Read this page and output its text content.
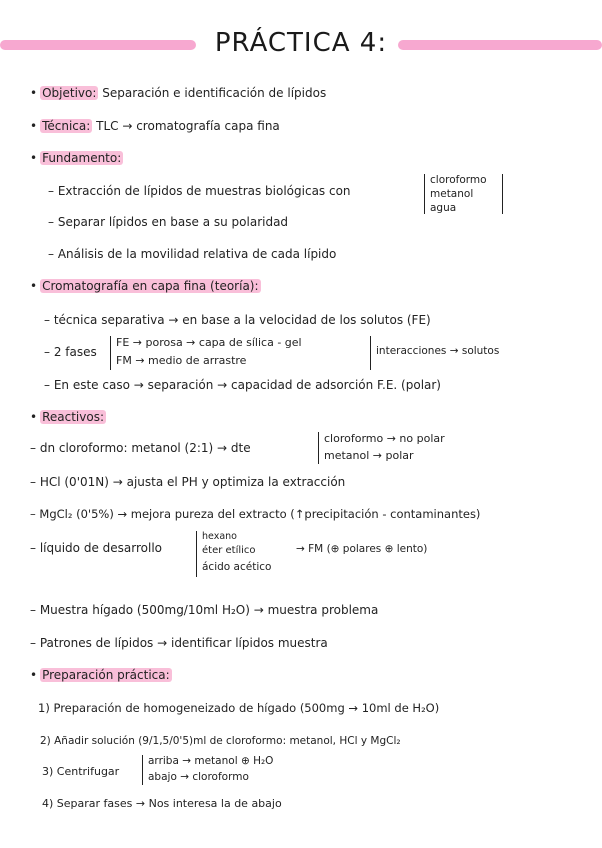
PRÁCTICA 4:
• Objetivo: Separación e identificación de lípidos
• Técnica: TLC → cromatografía capa fina
• Fundamento:
– Extracción de lípidos de muestras biológicas con
cloroformo
metanol
agua
– Separar lípidos en base a su polaridad
– Análisis de la movilidad relativa de cada lípido
• Cromatografía en capa fina (teoría):
– técnica separativa → en base a la velocidad de los solutos (FE)
– 2 fases
FE → porosa → capa de sílica - gel
FM → medio de arrastre
interacciones → solutos
– En este caso → separación → capacidad de adsorción F.E. (polar)
• Reactivos:
– dn cloroformo: metanol (2:1) → dte
cloroformo → no polar
metanol → polar
– HCl (0'01N) → ajusta el PH y optimiza la extracción
– MgCl₂ (0'5%) → mejora pureza del extracto (↑precipitación - contaminantes)
– líquido de desarrollo
hexano
éter etílico
ácido acético
→ FM (⊕ polares ⊕ lento)
– Muestra hígado (500mg/10ml H₂O) → muestra problema
– Patrones de lípidos → identificar lípidos muestra
• Preparación práctica:
1) Preparación de homogeneizado de hígado (500mg → 10ml de H₂O)
2) Añadir solución (9/1,5/0'5)ml de cloroformo: metanol, HCl y MgCl₂
3) Centrifugar
arriba → metanol ⊕ H₂O
abajo → cloroformo
4) Separar fases → Nos interesa la de abajo
